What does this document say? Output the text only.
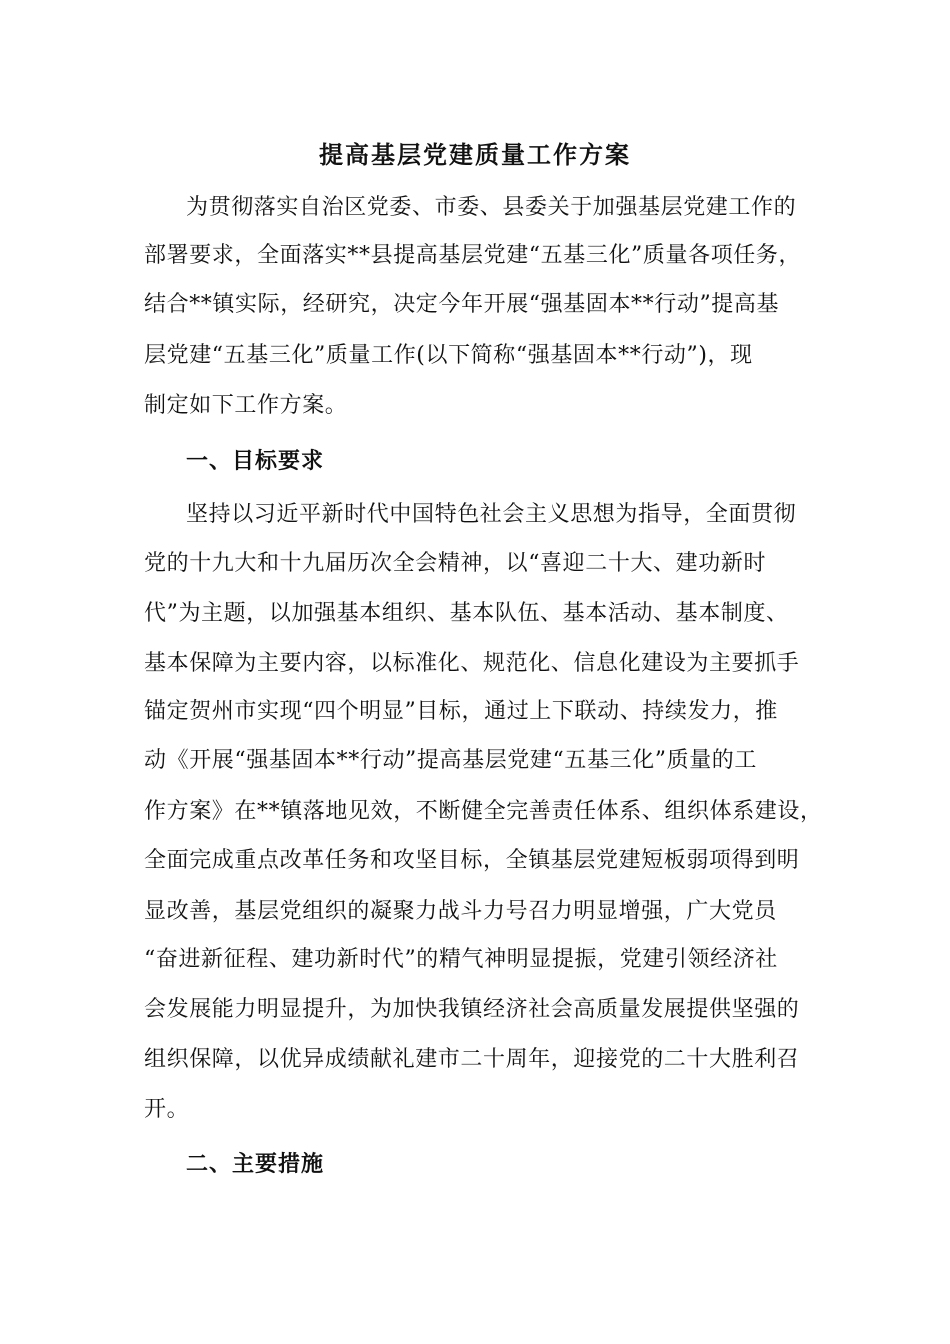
提高基层党建质量工作方案
为贯彻落实自治区党委、市委、县委关于加强基层党建工作的
部署要求，全面落实**县提高基层党建“五基三化”质量各项任务，
结合**镇实际，经研究，决定今年开展“强基固本**行动”提高基
层党建“五基三化”质量工作(以下简称“强基固本**行动”)，现
制定如下工作方案。
一、目标要求
坚持以习近平新时代中国特色社会主义思想为指导，全面贯彻
党的十九大和十九届历次全会精神，以“喜迎二十大、建功新时
代”为主题，以加强基本组织、基本队伍、基本活动、基本制度、
基本保障为主要内容，以标准化、规范化、信息化建设为主要抓手
锚定贺州市实现“四个明显”目标，通过上下联动、持续发力，推
动《开展“强基固本**行动”提高基层党建“五基三化”质量的工
作方案》在**镇落地见效，不断健全完善责任体系、组织体系建设，
全面完成重点改革任务和攻坚目标，全镇基层党建短板弱项得到明
显改善，基层党组织的凝聚力战斗力号召力明显增强，广大党员
“奋进新征程、建功新时代”的精气神明显提振，党建引领经济社
会发展能力明显提升，为加快我镇经济社会高质量发展提供坚强的
组织保障，以优异成绩献礼建市二十周年，迎接党的二十大胜利召
开。
二、主要措施
